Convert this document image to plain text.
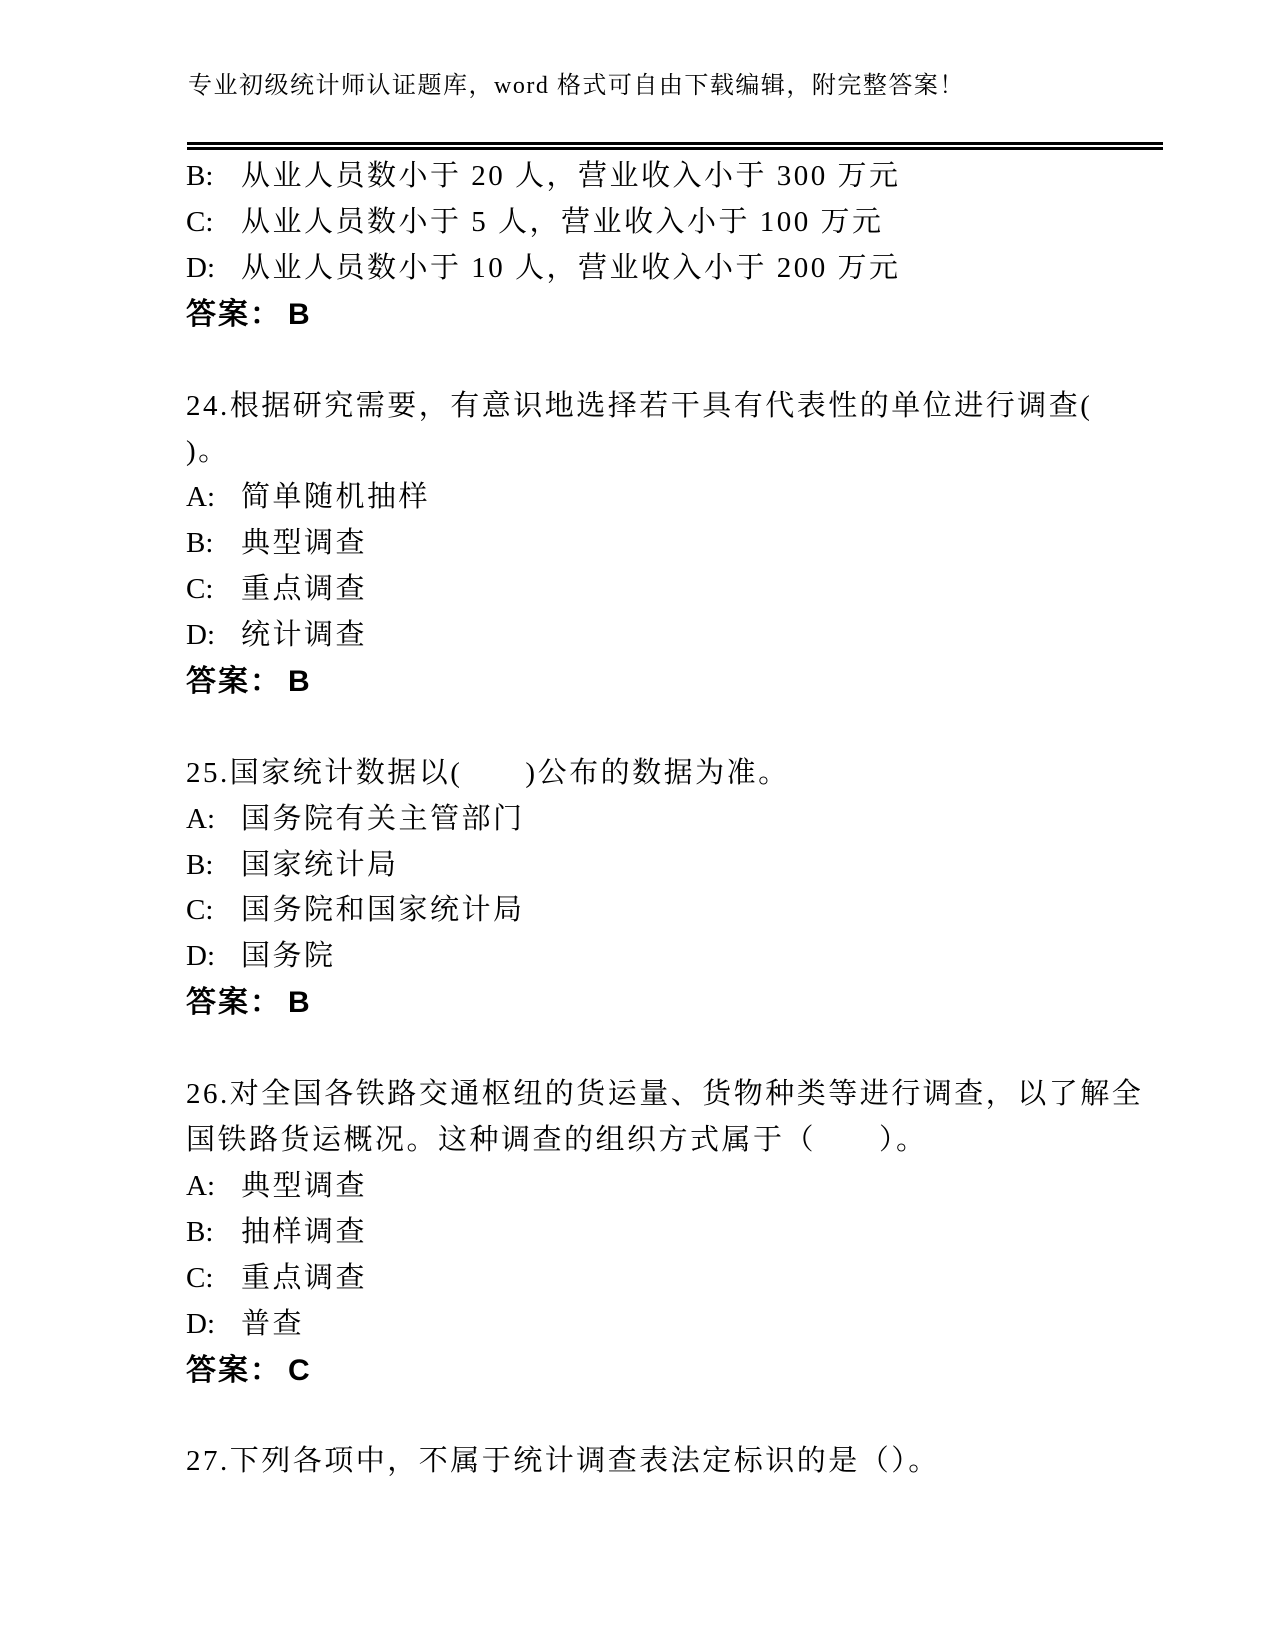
专业初级统计师认证题库，word 格式可自由下载编辑，附完整答案！
B: 从业人员数小于 20 人，营业收入小于 300 万元
C: 从业人员数小于 5 人，营业收入小于 100 万元
D: 从业人员数小于 10 人，营业收入小于 200 万元
答案： B
24.根据研究需要，有意识地选择若干具有代表性的单位进行调查(
)。
A: 简单随机抽样
B: 典型调查
C: 重点调查
D: 统计调查
答案： B
25.国家统计数据以(　　)公布的数据为准。
A: 国务院有关主管部门
B: 国家统计局
C: 国务院和国家统计局
D: 国务院
答案： B
26.对全国各铁路交通枢纽的货运量、货物种类等进行调查，以了解全
国铁路货运概况。这种调查的组织方式属于（　　）。
A: 典型调查
B: 抽样调查
C: 重点调查
D: 普查
答案： C
27.下列各项中，不属于统计调查表法定标识的是（）。
